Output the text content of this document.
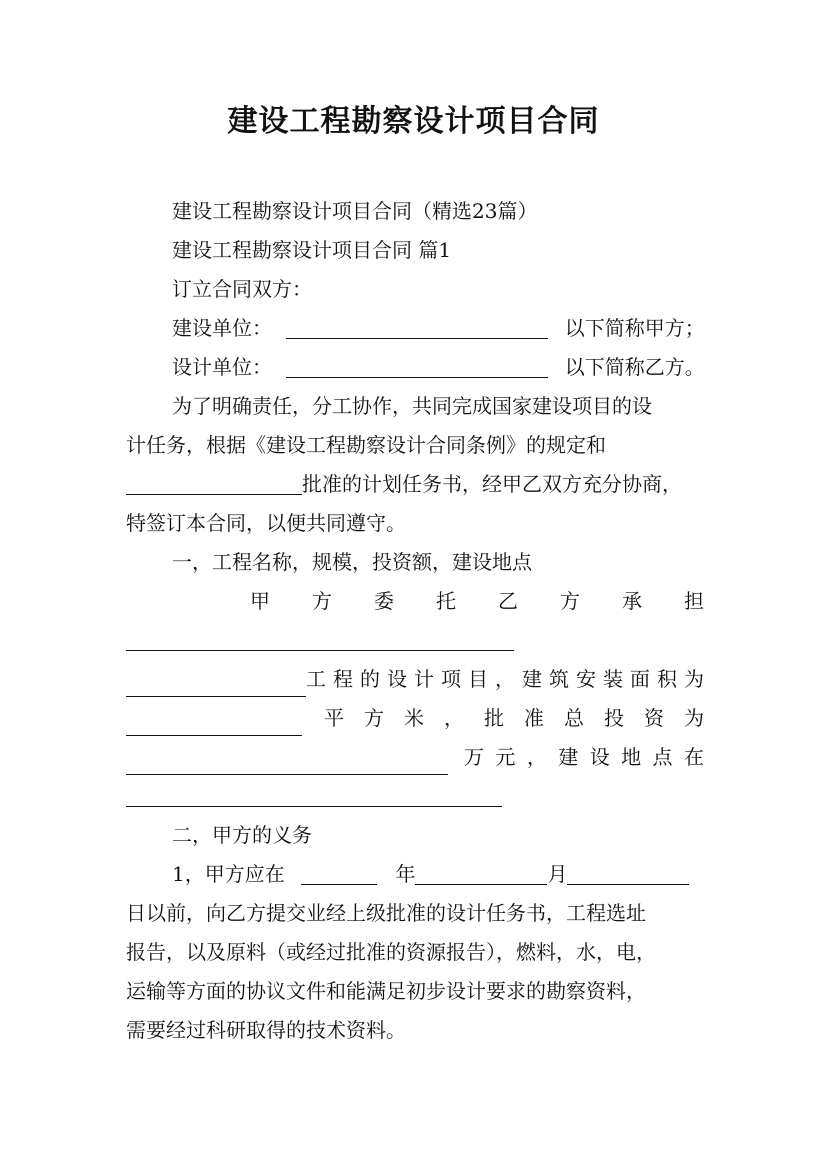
建设工程勘察设计项目合同
建设工程勘察设计项目合同（精选23篇）
建设工程勘察设计项目合同 篇1
订立合同双方：
建设单位：	以下简称甲方；
设计单位：	以下简称乙方。
为了明确责任，分工协作，共同完成国家建设项目的设
计任务，根据《建设工程勘察设计合同条例》的规定和
批准的计划任务书，经甲乙双方充分协商，
特签订本合同，以便共同遵守。
一，工程名称，规模，投资额，建设地点
甲 方 委 托 乙 方 承 担
工程的设计项目，建筑安装面积为
平 方 米 ， 批 准 总 投 资 为
万 元 ， 建 设 地 点 在
二，甲方的义务
1，甲方应在	年	月
日以前，向乙方提交业经上级批准的设计任务书，工程选址
报告，以及原料（或经过批准的资源报告），燃料，水，电，
运输等方面的协议文件和能满足初步设计要求的勘察资料，
需要经过科研取得的技术资料。
